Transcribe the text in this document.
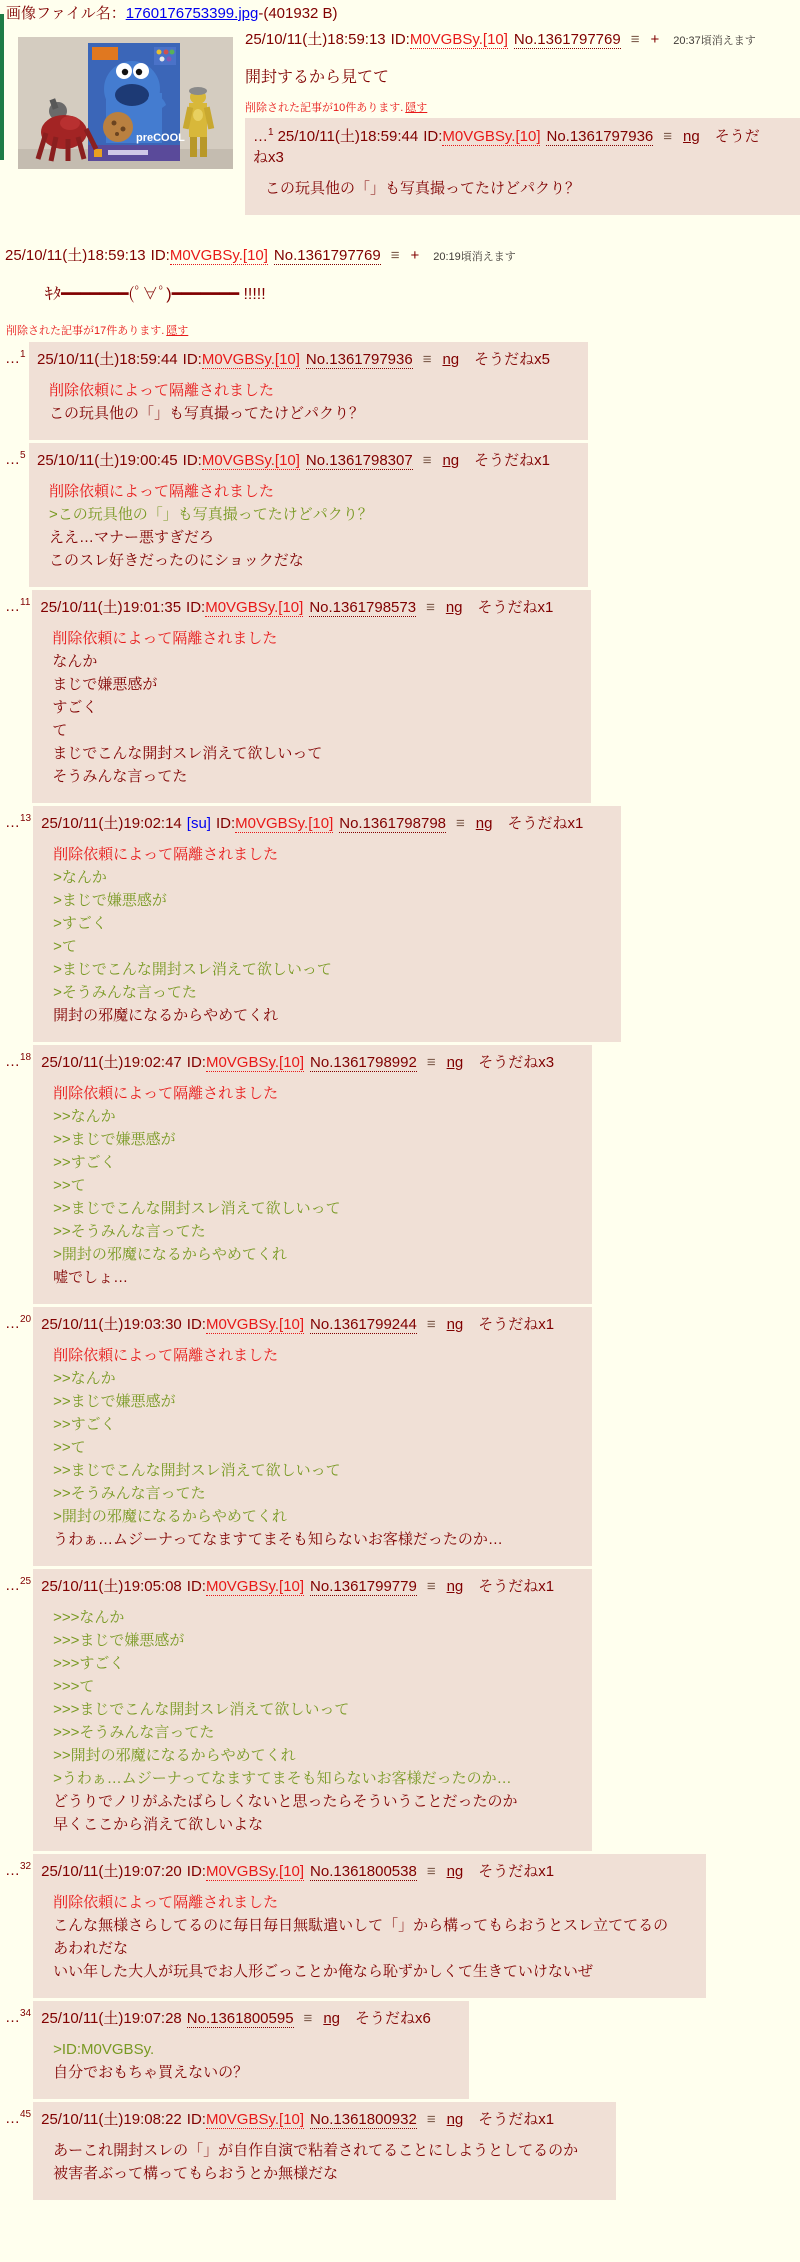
画像ファイル名：1760176753399.jpg-(401932 B)
preCOOL
25/10/11(土)18:59:13 ID:M0VGBSy.[10] No.1361797769 ≡ + 20:37頃消えます
開封するから見てて
削除された記事が10件あります. 隠す
…$^1$ 25/10/11(土)18:59:44 ID:M0VGBSy.[10] No.1361797936 ≡ ng そうだねx3
この玩具他の「」も写真撮ってたけどパクり？
25/10/11(土)18:59:13 ID:M0VGBSy.[10] No.1361797769 ≡ + 20:19頃消えます
ｷﾀ━━━━━━━(ﾟ∀ﾟ)━━━━━━━ !!!!!
削除された記事が17件あります. 隠す
…$^1$ 25/10/11(土)18:59:44 ID:M0VGBSy.[10] No.1361797936 ≡ ng そうだねx5
削除依頼によって隔離されました
この玩具他の「」も写真撮ってたけどパクり？
…$^5$ 25/10/11(土)19:00:45 ID:M0VGBSy.[10] No.1361798307 ≡ ng そうだねx1
削除依頼によって隔離されました
>この玩具他の「」も写真撮ってたけどパクり？
ええ…マナー悪すぎだろ
このスレ好きだったのにショックだな
…$^{11}$ 25/10/11(土)19:01:35 ID:M0VGBSy.[10] No.1361798573 ≡ ng そうだねx1
削除依頼によって隔離されました
なんか
まじで嫌悪感が
すごく
て
まじでこんな開封スレ消えて欲しいって
そうみんな言ってた
…$^{13}$ 25/10/11(土)19:02:14 [su] ID:M0VGBSy.[10] No.1361798798 ≡ ng そうだねx1
削除依頼によって隔離されました
>なんか
>まじで嫌悪感が
>すごく
>て
>まじでこんな開封スレ消えて欲しいって
>そうみんな言ってた
開封の邪魔になるからやめてくれ
…$^{18}$ 25/10/11(土)19:02:47 ID:M0VGBSy.[10] No.1361798992 ≡ ng そうだねx3
削除依頼によって隔離されました
>>なんか
>>まじで嫌悪感が
>>すごく
>>て
>>まじでこんな開封スレ消えて欲しいって
>>そうみんな言ってた
>開封の邪魔になるからやめてくれ
嘘でしょ…
…$^{20}$ 25/10/11(土)19:03:30 ID:M0VGBSy.[10] No.1361799244 ≡ ng そうだねx1
削除依頼によって隔離されました
>>なんか
>>まじで嫌悪感が
>>すごく
>>て
>>まじでこんな開封スレ消えて欲しいって
>>そうみんな言ってた
>開封の邪魔になるからやめてくれ
うわぁ…ムジーナってなますてまそも知らないお客様だったのか…
…$^{25}$ 25/10/11(土)19:05:08 ID:M0VGBSy.[10] No.1361799779 ≡ ng そうだねx1
>>>なんか
>>>まじで嫌悪感が
>>>すごく
>>>て
>>>まじでこんな開封スレ消えて欲しいって
>>>そうみんな言ってた
>>開封の邪魔になるからやめてくれ
>うわぁ…ムジーナってなますてまそも知らないお客様だったのか…
どうりでノリがふたばらしくないと思ったらそういうことだったのか
早くここから消えて欲しいよな
…$^{32}$ 25/10/11(土)19:07:20 ID:M0VGBSy.[10] No.1361800538 ≡ ng そうだねx1
削除依頼によって隔離されました
こんな無様さらしてるのに毎日毎日無駄遣いして「」から構ってもらおうとスレ立ててるの
あわれだな
いい年した大人が玩具でお人形ごっことか俺なら恥ずかしくて生きていけないぜ
…$^{34}$ 25/10/11(土)19:07:28 No.1361800595 ≡ ng そうだねx6
>ID:M0VGBSy.
自分でおもちゃ買えないの？
…$^{45}$ 25/10/11(土)19:08:22 ID:M0VGBSy.[10] No.1361800932 ≡ ng そうだねx1
あーこれ開封スレの「」が自作自演で粘着されてることにしようとしてるのか
被害者ぶって構ってもらおうとか無様だな
